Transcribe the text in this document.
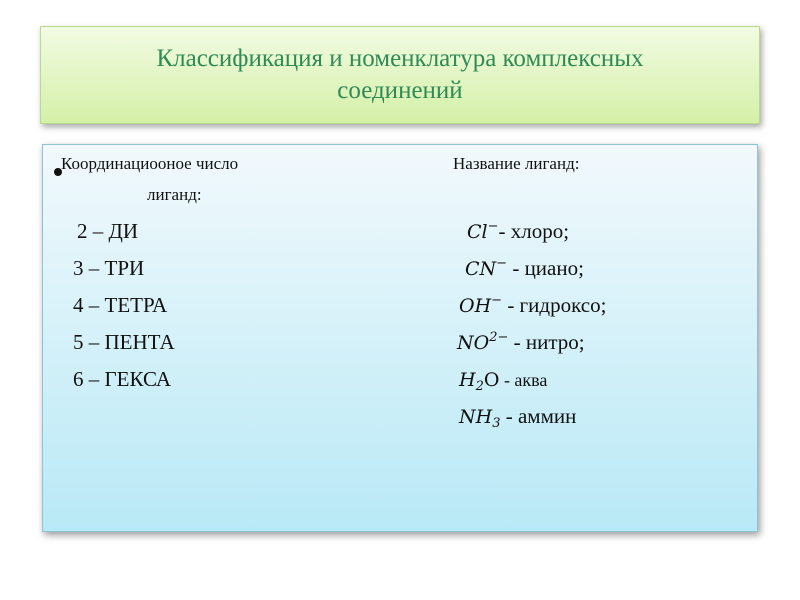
Классификация и номенклатура комплексных соединений
Координациооное число
лиганд:
Название лиганд:
2 – ДИ
3 – ТРИ
4 – ТЕТРА
5 – ПЕНТА
6 – ГЕКСА
Cl−- хлоро;
CN− - циано;
OH− - гидроксо;
$NO^{2-}$ - нитро;
$H_2O$ - аква
$NH_3$ - аммин
